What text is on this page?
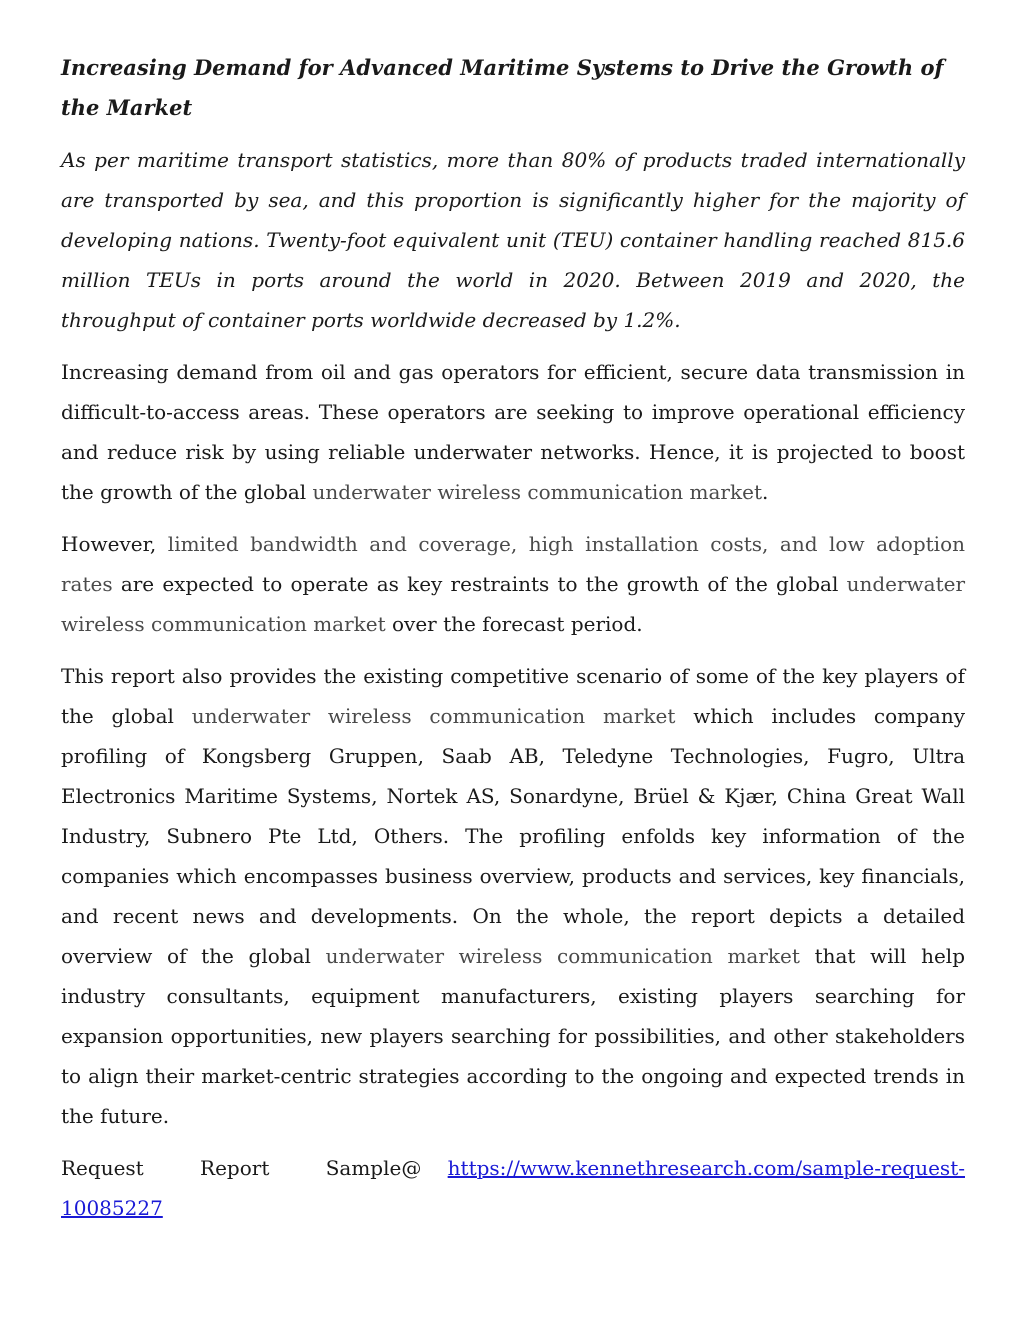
Increasing Demand for Advanced Maritime Systems to Drive the Growth of the Market

As per maritime transport statistics, more than 80% of products traded internationally are transported by sea, and this proportion is significantly higher for the majority of developing nations. Twenty-foot equivalent unit (TEU) container handling reached 815.6 million TEUs in ports around the world in 2020. Between 2019 and 2020, the throughput of container ports worldwide decreased by 1.2%.

Increasing demand from oil and gas operators for efficient, secure data transmission in difficult-to-access areas. These operators are seeking to improve operational efficiency and reduce risk by using reliable underwater networks. Hence, it is projected to boost the growth of the global underwater wireless communication market.

However, limited bandwidth and coverage, high installation costs, and low adoption rates are expected to operate as key restraints to the growth of the global underwater wireless communication market over the forecast period.

This report also provides the existing competitive scenario of some of the key players of the global underwater wireless communication market which includes company profiling of Kongsberg Gruppen, Saab AB, Teledyne Technologies, Fugro, Ultra Electronics Maritime Systems, Nortek AS, Sonardyne, Brüel & Kjær, China Great Wall Industry, Subnero Pte Ltd, Others. The profiling enfolds key information of the companies which encompasses business overview, products and services, key financials, and recent news and developments. On the whole, the report depicts a detailed overview of the global underwater wireless communication market that will help industry consultants, equipment manufacturers, existing players searching for expansion opportunities, new players searching for possibilities, and other stakeholders to align their market-centric strategies according to the ongoing and expected trends in the future.

Request Report Sample@ https://www.kennethresearch.com/sample-request-10085227
